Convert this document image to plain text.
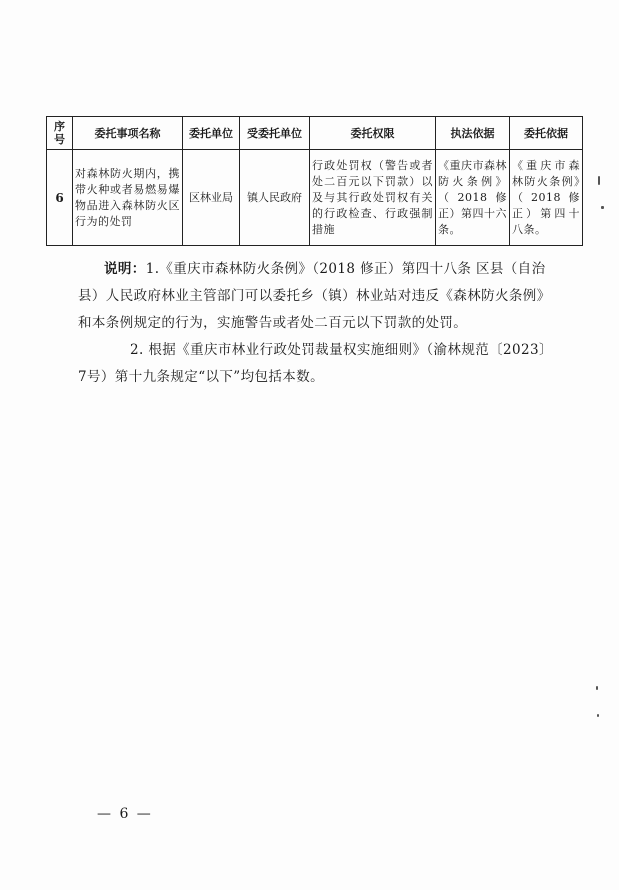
序号	委托事项名称	委托单位	受委托单位	委托权限	执法依据	委托依据
6	对森林防火期内，携带火种或者易燃易爆物品进入森林防火区行为的处罚	区林业局	镇人民政府	行政处罚权（警告或者处二百元以下罚款）以及与其行政处罚权有关的行政检查、行政强制措施	《重庆市森林防火条例》（2018修正）第四十六条。	《重庆市森林防火条例》（2018修正）第四十八条。

说明：1.《重庆市森林防火条例》（2018 修正）第四十八条 区县（自治县）人民政府林业主管部门可以委托乡（镇）林业站对违反《森林防火条例》和本条例规定的行为，实施警告或者处二百元以下罚款的处罚。

2. 根据《重庆市林业行政处罚裁量权实施细则》（渝林规范〔2023〕7号）第十九条规定“以下”均包括本数。

— 6 —
